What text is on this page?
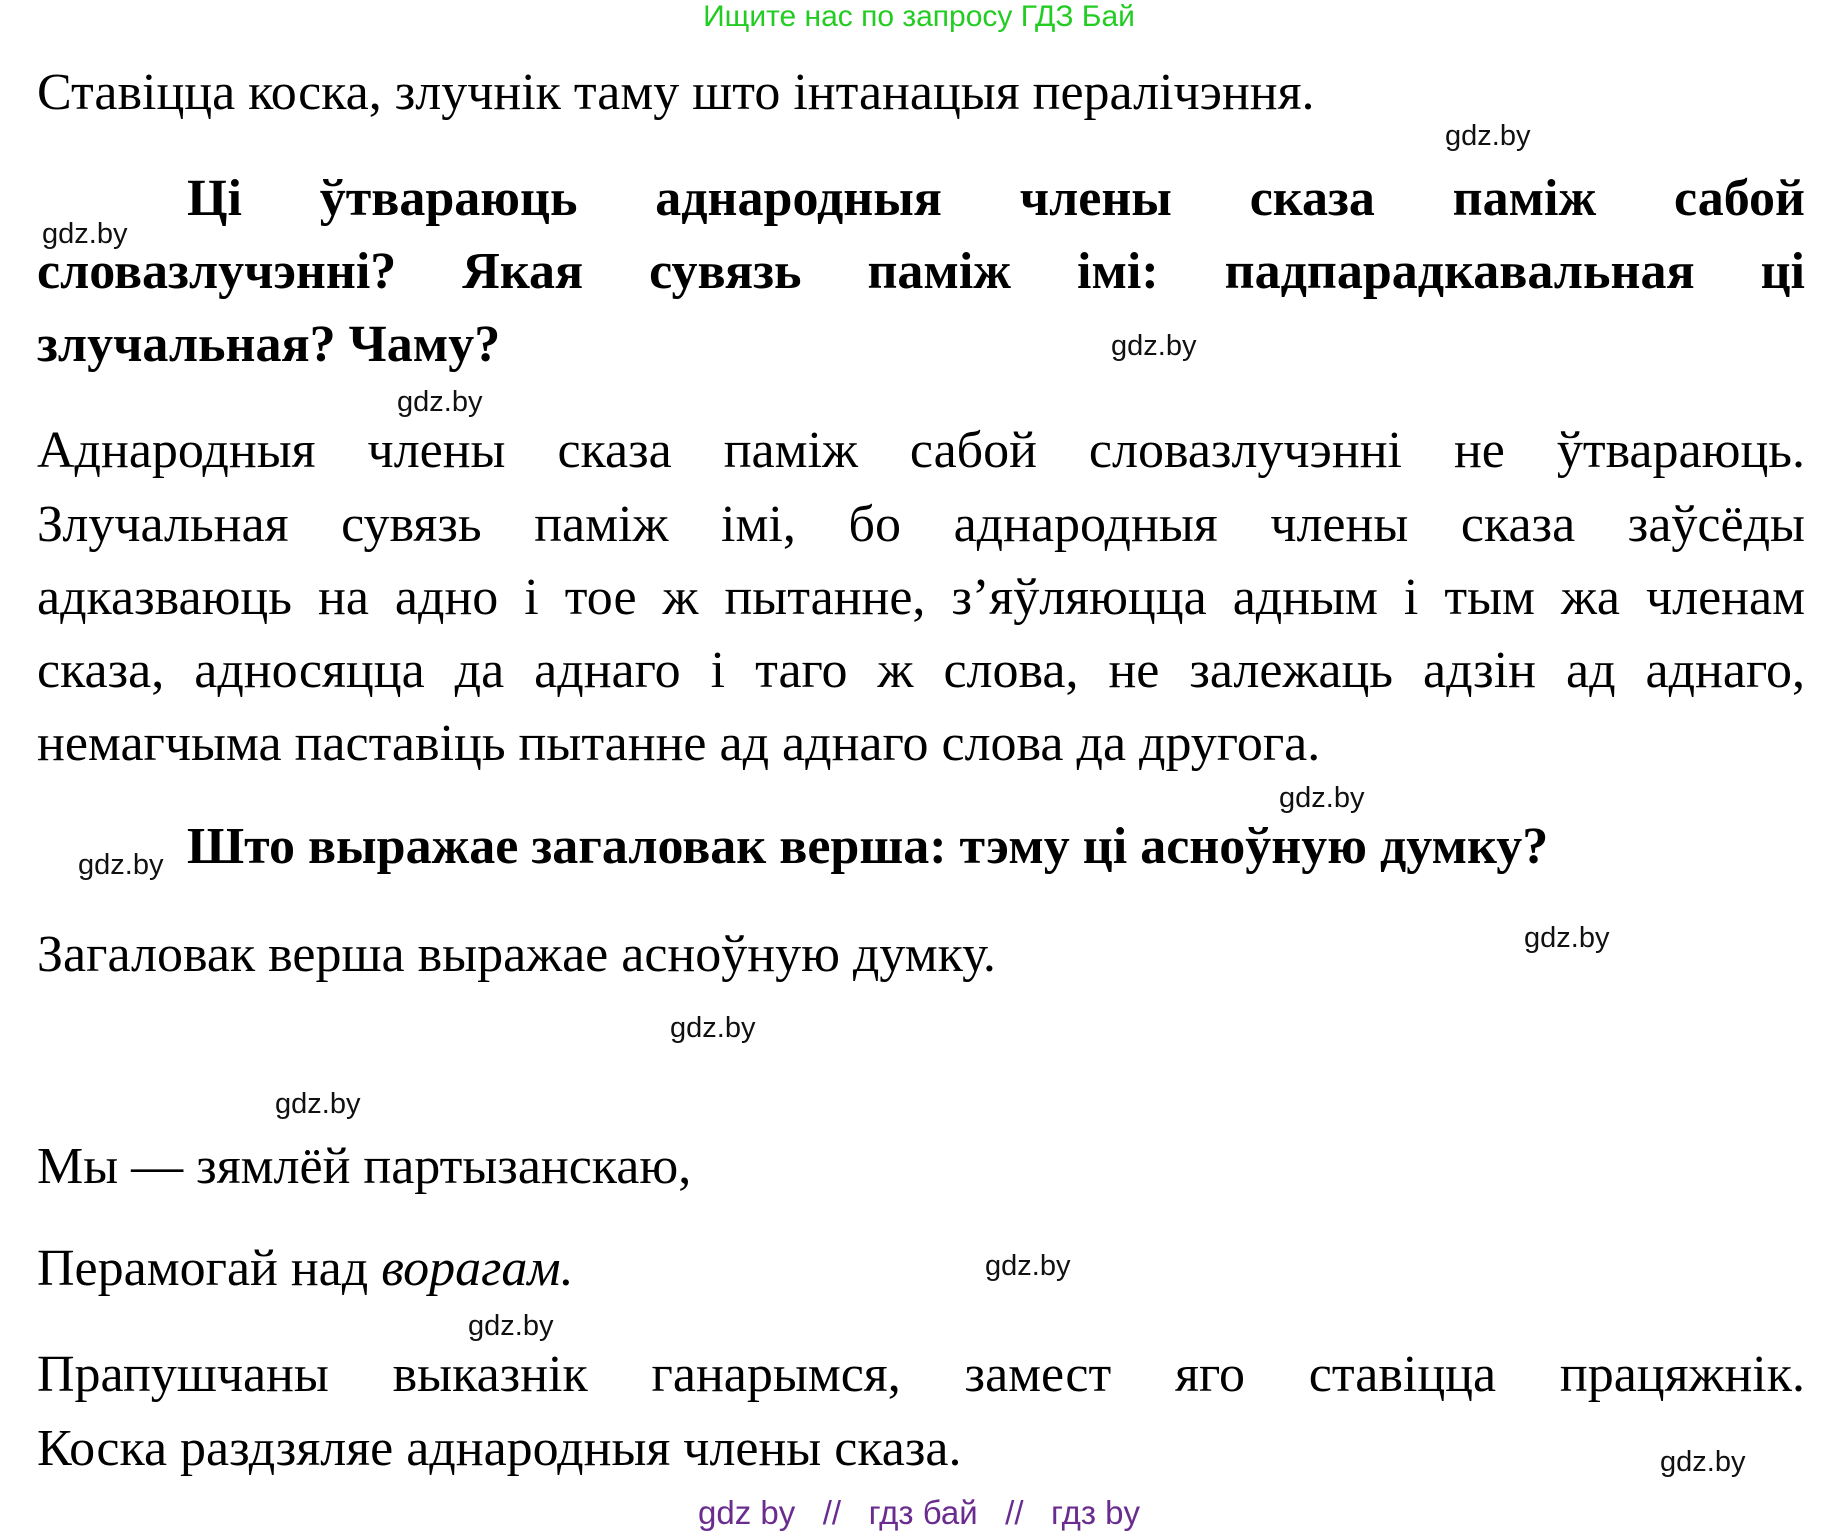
Ищите нас по запросу ГДЗ Бай
Ставіцца коска, злучнік таму што інтанацыя пералічэння.
gdz.by
Ці ўтвараюць аднародныя члены сказа паміж сабой
gdz.by
словазлучэнні? Якая сувязь паміж імі: падпарадкавальная ці
злучальная? Чаму?	gdz.by
gdz.by
Аднародныя члены сказа паміж сабой словазлучэнні не ўтвараюць.
Злучальная сувязь паміж імі, бо аднародныя члены сказа заўсёды
адказваюць на адно і тое ж пытанне, з’яўляюцца адным і тым жа членам
сказа, адносяцца да аднаго і таго ж слова, не залежаць адзін ад аднаго,
немагчыма паставіць пытанне ад аднаго слова да другога.
gdz.by
gdz.by Што выражае загаловак верша: тэму ці асноўную думку?
gdz.by
Загаловак верша выражае асноўную думку.
gdz.by
gdz.by
Мы — зямлёй партызанскаю,
Перамогай над ворагам.	gdz.by
gdz.by
Прапушчаны выказнік ганарымся, замест яго ставіцца працяжнік.
Коска раздзяляе аднародныя члены сказа.	gdz.by
gdz by // гдз бай // гдз by
